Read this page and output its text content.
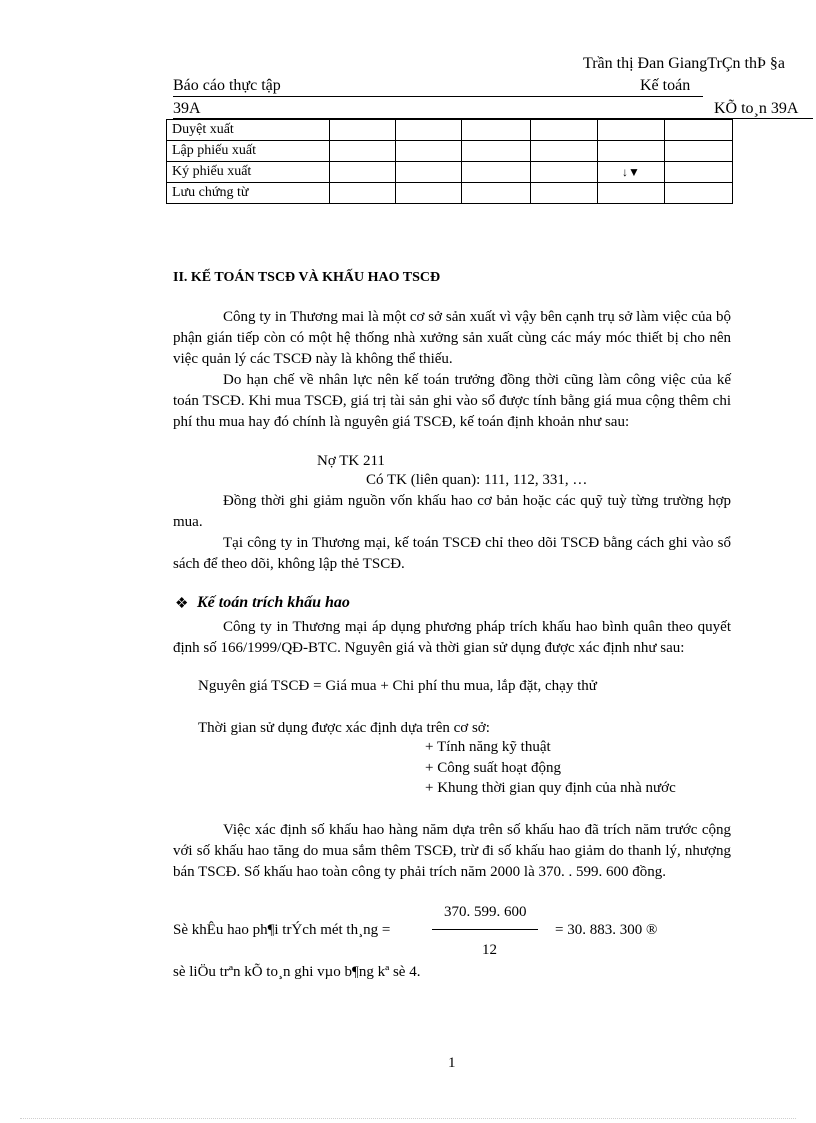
Trần thị Đan GiangTrÇn thÞ §a
Báo cáo thực tập	Kế toán
39A	KÕ to¸n 39A
Duyệt xuất						
Lập phiếu xuất						
Ký phiếu xuất					↓▼	

Lưu chứng từ						
II. KẾ TOÁN TSCĐ VÀ KHẤU HAO TSCĐ

Công ty in Thương mai là một cơ sở sản xuất vì vậy bên cạnh trụ sở làm việc của bộ phận gián tiếp còn có một hệ thống nhà xưởng sản xuất cùng các máy móc thiết bị cho nên việc quản lý các TSCĐ này là không thể thiếu.

Do hạn chế về nhân lực nên kế toán trưởng đồng thời cũng làm công việc của kế toán TSCĐ. Khi mua TSCĐ, giá trị tài sản ghi vào sổ được tính bằng giá mua cộng thêm chi phí thu mua hay đó chính là nguyên giá TSCĐ, kế toán định khoản như sau:

Nợ TK 211
Có TK (liên quan): 111, 112, 331, …

Đồng thời ghi giảm nguồn vốn khấu hao cơ bản hoặc các quỹ tuỳ từng trường hợp mua.

Tại công ty in Thương mại, kế toán TSCĐ chỉ theo dõi TSCĐ bằng cách ghi vào sổ sách để theo dõi, không lập thẻ TSCĐ.

❖ Kế toán trích khấu hao

Công ty in Thương mại áp dụng phương pháp trích khấu hao bình quân theo quyết định số 166/1999/QĐ-BTC. Nguyên giá và thời gian sử dụng được xác định như sau:

Nguyên giá TSCĐ = Giá mua + Chi phí thu mua, lắp đặt, chạy thử
Thời gian sử dụng được xác định dựa trên cơ sở:
+ Tính năng kỹ thuật
+ Công suất hoạt động
+ Khung thời gian quy định của nhà nước

Việc xác định số khấu hao hàng năm dựa trên số khấu hao đã trích năm trước cộng với số khấu hao tăng do mua sắm thêm TSCĐ, trừ đi số khấu hao giảm do thanh lý, nhượng bán TSCĐ. Số khấu hao toàn công ty phải trích năm 2000 là 370. . 599. 600 đồng.

Sè khÊu hao ph¶i trÝch mét th¸ng =
370. 599. 600
12
= 30. 883. 300 ®
sè liÖu trªn kÕ to¸n ghi vµo b¶ng kª sè 4.
1
